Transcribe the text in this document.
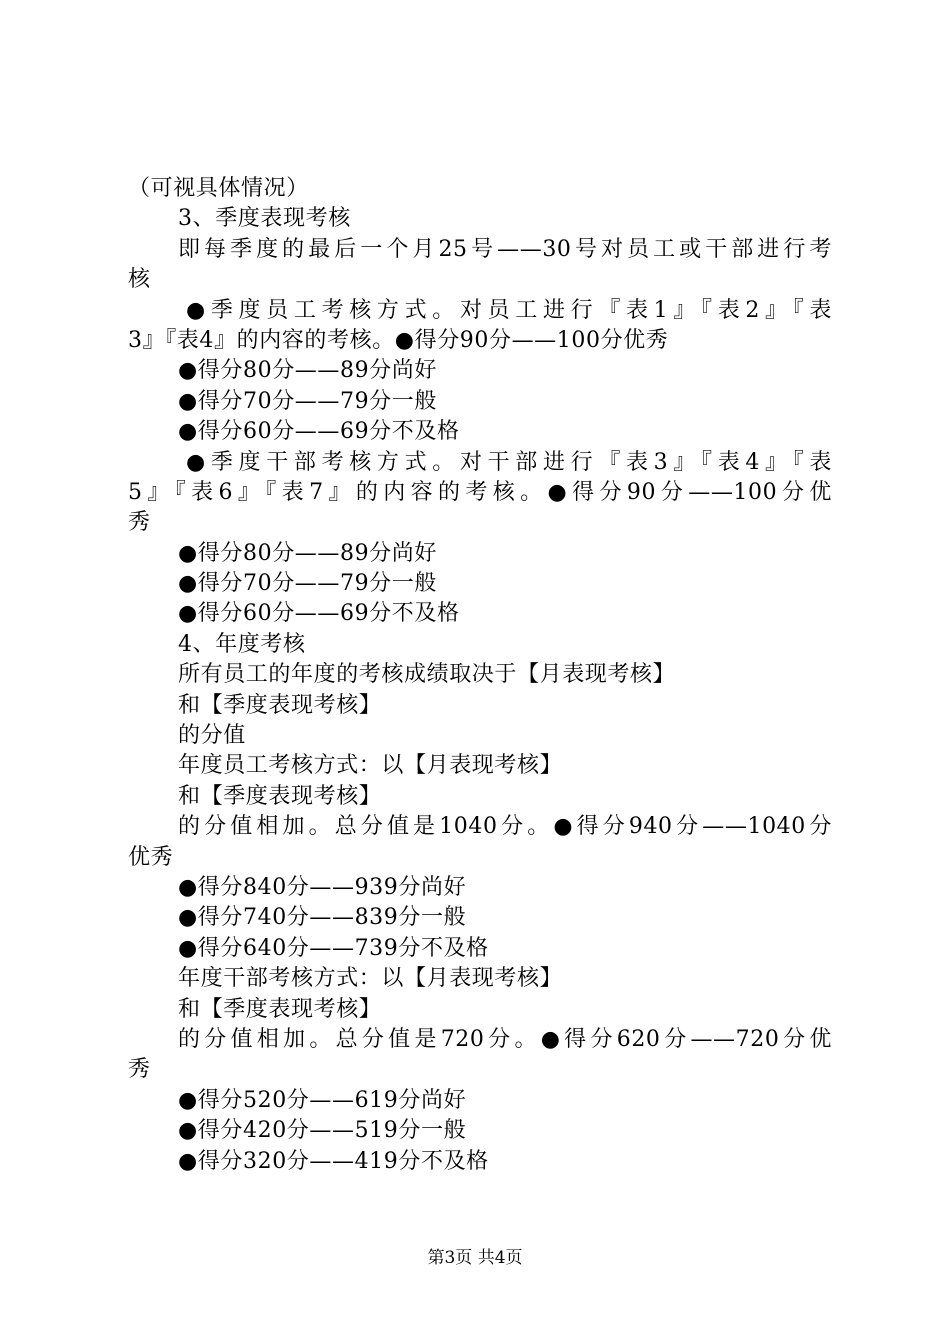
（可视具体情况）
3、季度表现考核
即每季度的最后一个月25号——30号对员工或干部进行考
核
●季度员工考核方式。对员工进行『表1』『表2』『表
3』『表4』的内容的考核。●得分90分——100分优秀
●得分80分——89分尚好
●得分70分——79分一般
●得分60分——69分不及格
●季度干部考核方式。对干部进行『表3』『表4』『表
5』『表6』『表7』的内容的考核。●得分90分——100分优
秀
●得分80分——89分尚好
●得分70分——79分一般
●得分60分——69分不及格
4、年度考核
所有员工的年度的考核成绩取决于【月表现考核】
和【季度表现考核】
的分值
年度员工考核方式：以【月表现考核】
和【季度表现考核】
的分值相加。总分值是1040分。●得分940分——1040分
优秀
●得分840分——939分尚好
●得分740分——839分一般
●得分640分——739分不及格
年度干部考核方式：以【月表现考核】
和【季度表现考核】
的分值相加。总分值是720分。●得分620分——720分优
秀
●得分520分——619分尚好
●得分420分——519分一般
●得分320分——419分不及格
第3页 共4页
